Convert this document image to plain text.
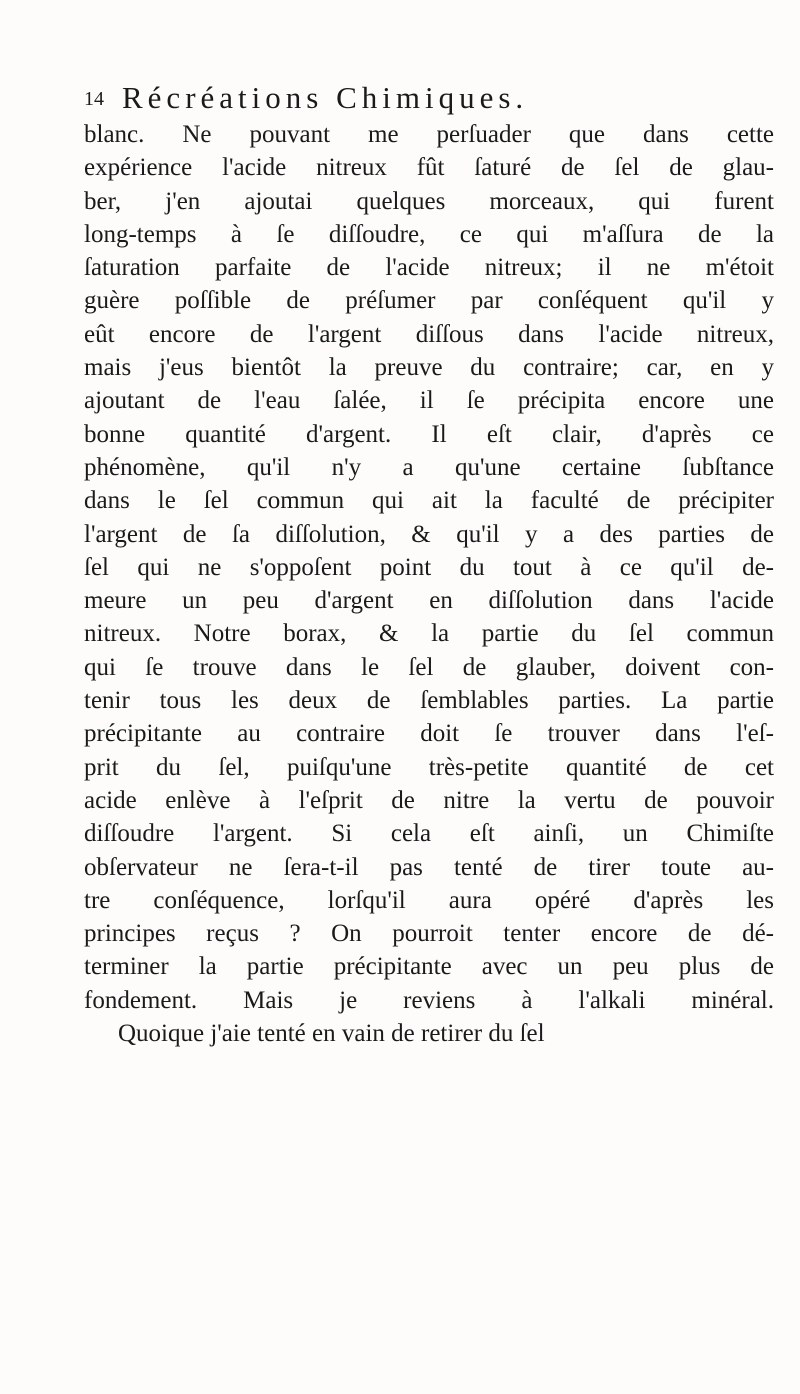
14 Récréations Chimiques.
blanc. Ne pouvant me perſuader que dans cette
expérience l'acide nitreux fût ſaturé de ſel de glau-
ber, j'en ajoutai quelques morceaux, qui furent
long-temps à ſe diſſoudre, ce qui m'aſſura de la
ſaturation parfaite de l'acide nitreux; il ne m'étoit
guère poſſible de préſumer par conſéquent qu'il y
eût encore de l'argent diſſous dans l'acide nitreux,
mais j'eus bientôt la preuve du contraire; car, en y
ajoutant de l'eau ſalée, il ſe précipita encore une
bonne quantité d'argent. Il eſt clair, d'après ce
phénomène, qu'il n'y a qu'une certaine ſubſtance
dans le ſel commun qui ait la faculté de précipiter
l'argent de ſa diſſolution, & qu'il y a des parties de
ſel qui ne s'oppoſent point du tout à ce qu'il de-
meure un peu d'argent en diſſolution dans l'acide
nitreux. Notre borax, & la partie du ſel commun
qui ſe trouve dans le ſel de glauber, doivent con-
tenir tous les deux de ſemblables parties. La partie
précipitante au contraire doit ſe trouver dans l'eſ-
prit du ſel, puiſqu'une très-petite quantité de cet
acide enlève à l'eſprit de nitre la vertu de pouvoir
diſſoudre l'argent. Si cela eſt ainſi, un Chimiſte
obſervateur ne ſera-t-il pas tenté de tirer toute au-
tre conſéquence, lorſqu'il aura opéré d'après les
principes reçus ? On pourroit tenter encore de dé-
terminer la partie précipitante avec un peu plus de
fondement. Mais je reviens à l'alkali minéral.
Quoique j'aie tenté en vain de retirer du ſel
